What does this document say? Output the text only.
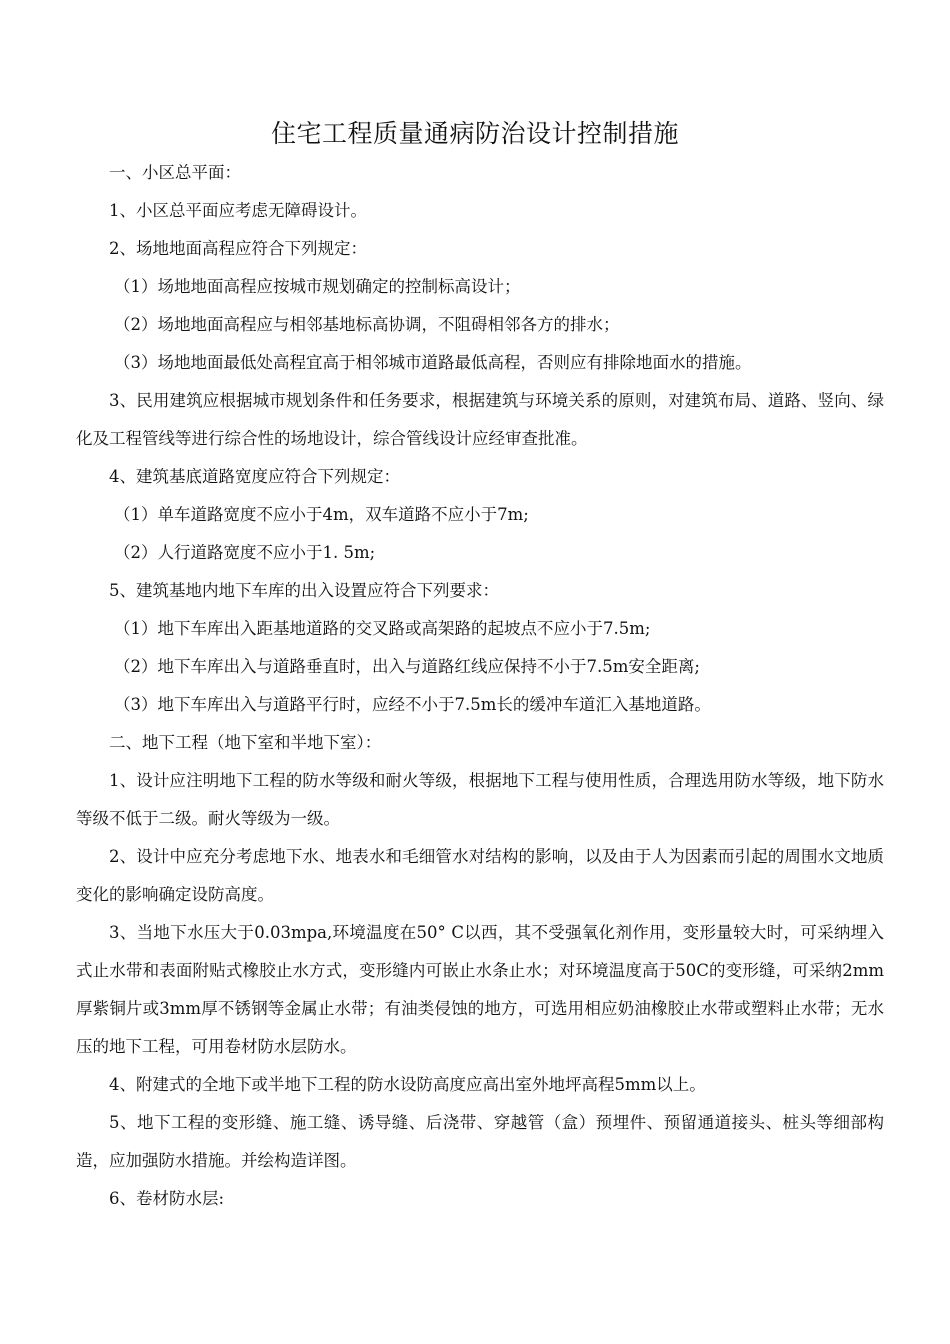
住宅工程质量通病防治设计控制措施

一、小区总平面：

1、小区总平面应考虑无障碍设计。

2、场地地面高程应符合下列规定：

（1）场地地面高程应按城市规划确定的控制标高设计；

（2）场地地面高程应与相邻基地标高协调，不阻碍相邻各方的排水；

（3）场地地面最低处高程宜高于相邻城市道路最低高程，否则应有排除地面水的措施。

3、民用建筑应根据城市规划条件和任务要求，根据建筑与环境关系的原则，对建筑布局、道路、竖向、绿化及工程管线等进行综合性的场地设计，综合管线设计应经审查批准。

4、建筑基底道路宽度应符合下列规定：

（1）单车道路宽度不应小于4m，双车道路不应小于7m;

（2）人行道路宽度不应小于1. 5m;

5、建筑基地内地下车库的出入设置应符合下列要求：

（1）地下车库出入距基地道路的交叉路或高架路的起坡点不应小于7.5m;

（2）地下车库出入与道路垂直时，出入与道路红线应保持不小于7.5m安全距离;

（3）地下车库出入与道路平行时，应经不小于7.5m长的缓冲车道汇入基地道路。

二、地下工程（地下室和半地下室）：

1、设计应注明地下工程的防水等级和耐火等级，根据地下工程与使用性质，合理选用防水等级，地下防水等级不低于二级。耐火等级为一级。

2、设计中应充分考虑地下水、地表水和毛细管水对结构的影响，以及由于人为因素而引起的周围水文地质变化的影响确定设防高度。

3、当地下水压大于0.03mpa,环境温度在50° C以西，其不受强氧化剂作用，变形量较大时，可采纳埋入式止水带和表面附贴式橡胶止水方式，变形缝内可嵌止水条止水；对环境温度高于50C的变形缝，可采纳2mm厚紫铜片或3mm厚不锈钢等金属止水带；有油类侵蚀的地方，可选用相应奶油橡胶止水带或塑料止水带；无水压的地下工程，可用卷材防水层防水。

4、附建式的全地下或半地下工程的防水设防高度应高出室外地坪高程5mm以上。

5、地下工程的变形缝、施工缝、诱导缝、后浇带、穿越管（盒）预埋件、预留通道接头、桩头等细部构造，应加强防水措施。并绘构造详图。

6、卷材防水层:
